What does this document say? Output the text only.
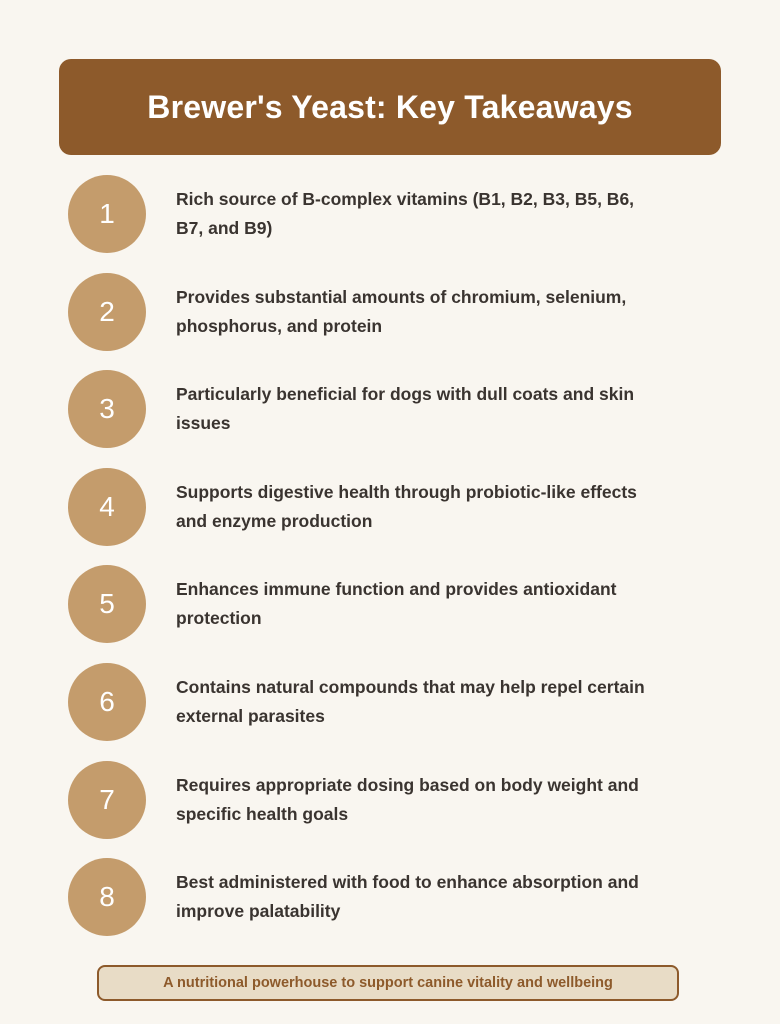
Brewer's Yeast: Key Takeaways
1	Rich source of B-complex vitamins (B1, B2, B3, B5, B6, B7, and B9)

2	Provides substantial amounts of chromium, selenium, phosphorus, and protein

3	Particularly beneficial for dogs with dull coats and skin issues

4	Supports digestive health through probiotic-like effects and enzyme production

5	Enhances immune function and provides antioxidant protection

6	Contains natural compounds that may help repel certain external parasites

7	Requires appropriate dosing based on body weight and specific health goals

8	Best administered with food to enhance absorption and improve palatability

A nutritional powerhouse to support canine vitality and wellbeing
